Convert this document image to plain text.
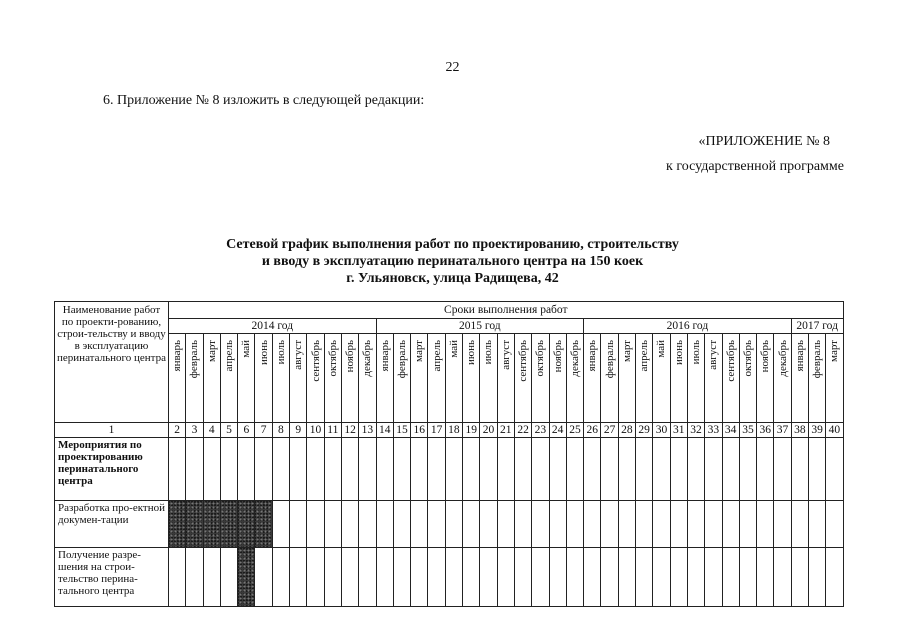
22
6. Приложение № 8 изложить в следующей редакции:
«ПРИЛОЖЕНИЕ № 8
к государственной программе
Сетевой график выполнения работ по проектированию, строительству
и вводу в эксплуатацию перинатального центра на 150 коек
г. Ульяновск, улица Радищева, 42
Наименование работ по проекти-рованию, строи-тельству и вводу в эксплуатацию перинатального центра	Сроки выполнения работ																																						
	2014 год												2015 год												2016 год												2017 год		

	январь	февраль	март	апрель	май	июнь	июль	август	сентябрь	октябрь	ноябрь	декабрь	январь	февраль	март	апрель	май	июнь	июль	август	сентябрь	октябрь	ноябрь	декабрь	январь	февраль	март	апрель	май	июнь	июль	август	сентябрь	октябрь	ноябрь	декабрь	январь	февраль	март

1	2	3	4	5	6	7	8	9	10	11	12	13	14	15	16	17	18	19	20	21	22	23	24	25	26	27	28	29	30	31	32	33	34	35	36	37	38	39	40
Мероприятия по проектированию перинатального центра																																							
Разработка про-ектной докумен-тации																																							
Получение разре-шения на строи-тельство перина-тального центра																																							
